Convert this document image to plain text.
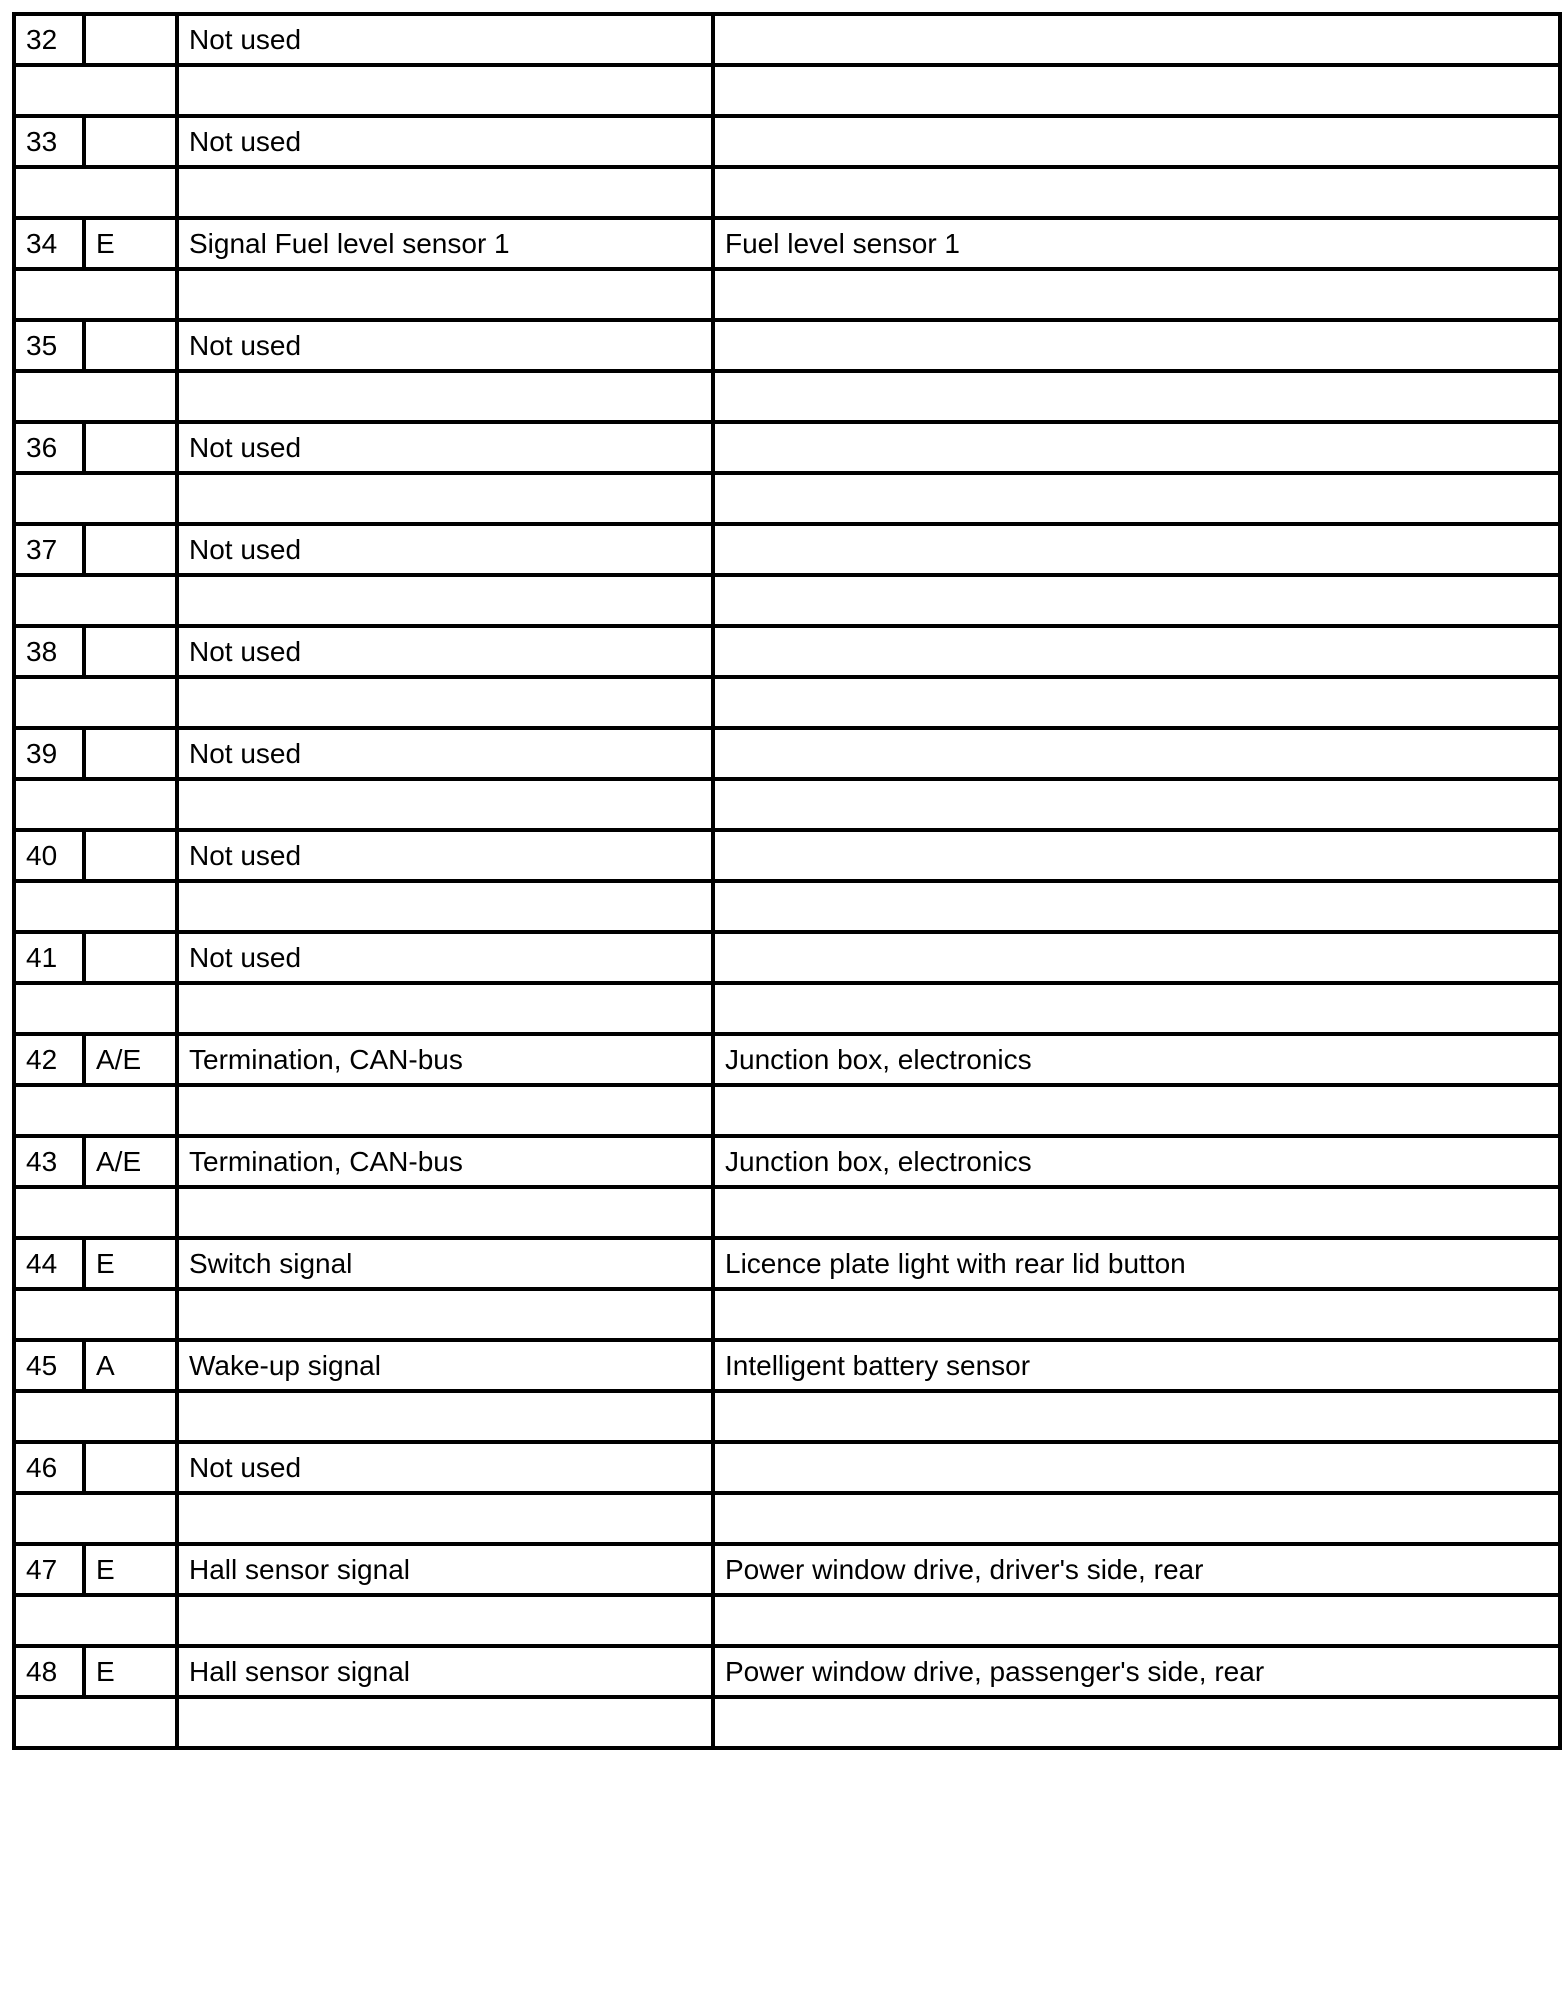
32		Not used	

33		Not used	

34	E	Signal Fuel level sensor 1	Fuel level sensor 1

35		Not used	

36		Not used	

37		Not used	

38		Not used	

39		Not used	

40		Not used	

41		Not used	

42	A/E	Termination, CAN-bus	Junction box, electronics

43	A/E	Termination, CAN-bus	Junction box, electronics

44	E	Switch signal	Licence plate light with rear lid button

45	A	Wake-up signal	Intelligent battery sensor

46		Not used	

47	E	Hall sensor signal	Power window drive, driver's side, rear

48	E	Hall sensor signal	Power window drive, passenger's side, rear
